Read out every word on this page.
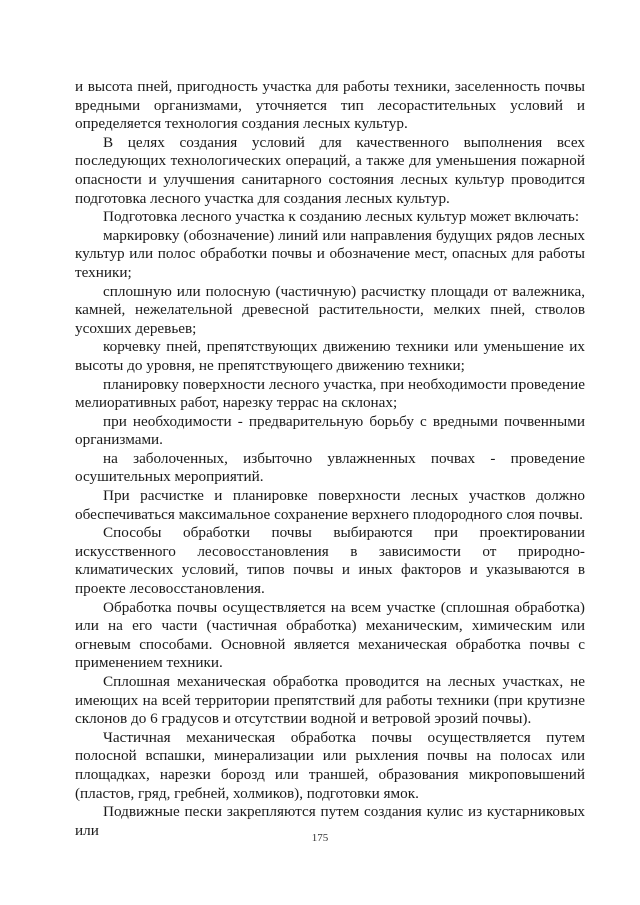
и высота пней, пригодность участка для работы техники, заселенность почвы вредными организмами, уточняется тип лесорастительных условий и определяется технология создания лесных культур.

В целях создания условий для качественного выполнения всех последующих технологических операций, а также для уменьшения пожарной опасности и улучшения санитарного состояния лесных культур проводится подготовка лесного участка для создания лесных культур.

Подготовка лесного участка к созданию лесных культур может включать:

маркировку (обозначение) линий или направления будущих рядов лесных культур или полос обработки почвы и обозначение мест, опасных для работы техники;

сплошную или полосную (частичную) расчистку площади от валежника, камней, нежелательной древесной растительности, мелких пней, стволов усохших деревьев;

корчевку пней, препятствующих движению техники или уменьшение их высоты до уровня, не препятствующего движению техники;

планировку поверхности лесного участка, при необходимости проведение мелиоративных работ, нарезку террас на склонах;

при необходимости - предварительную борьбу с вредными почвенными организмами.

на заболоченных, избыточно увлажненных почвах - проведение осушительных мероприятий.

При расчистке и планировке поверхности лесных участков должно обеспечиваться максимальное сохранение верхнего плодородного слоя почвы.

Способы обработки почвы выбираются при проектировании искусственного лесовосстановления в зависимости от природно-климатических условий, типов почвы и иных факторов и указываются в проекте лесовосстановления.

Обработка почвы осуществляется на всем участке (сплошная обработка) или на его части (частичная обработка) механическим, химическим или огневым способами. Основной является механическая обработка почвы с применением техники.

Сплошная механическая обработка проводится на лесных участках, не имеющих на всей территории препятствий для работы техники (при крутизне склонов до 6 градусов и отсутствии водной и ветровой эрозий почвы).

Частичная механическая обработка почвы осуществляется путем полосной вспашки, минерализации или рыхления почвы на полосах или площадках, нарезки борозд или траншей, образования микроповышений (пластов, гряд, гребней, холмиков), подготовки ямок.

Подвижные пески закрепляются путем создания кулис из кустарниковых или	175
